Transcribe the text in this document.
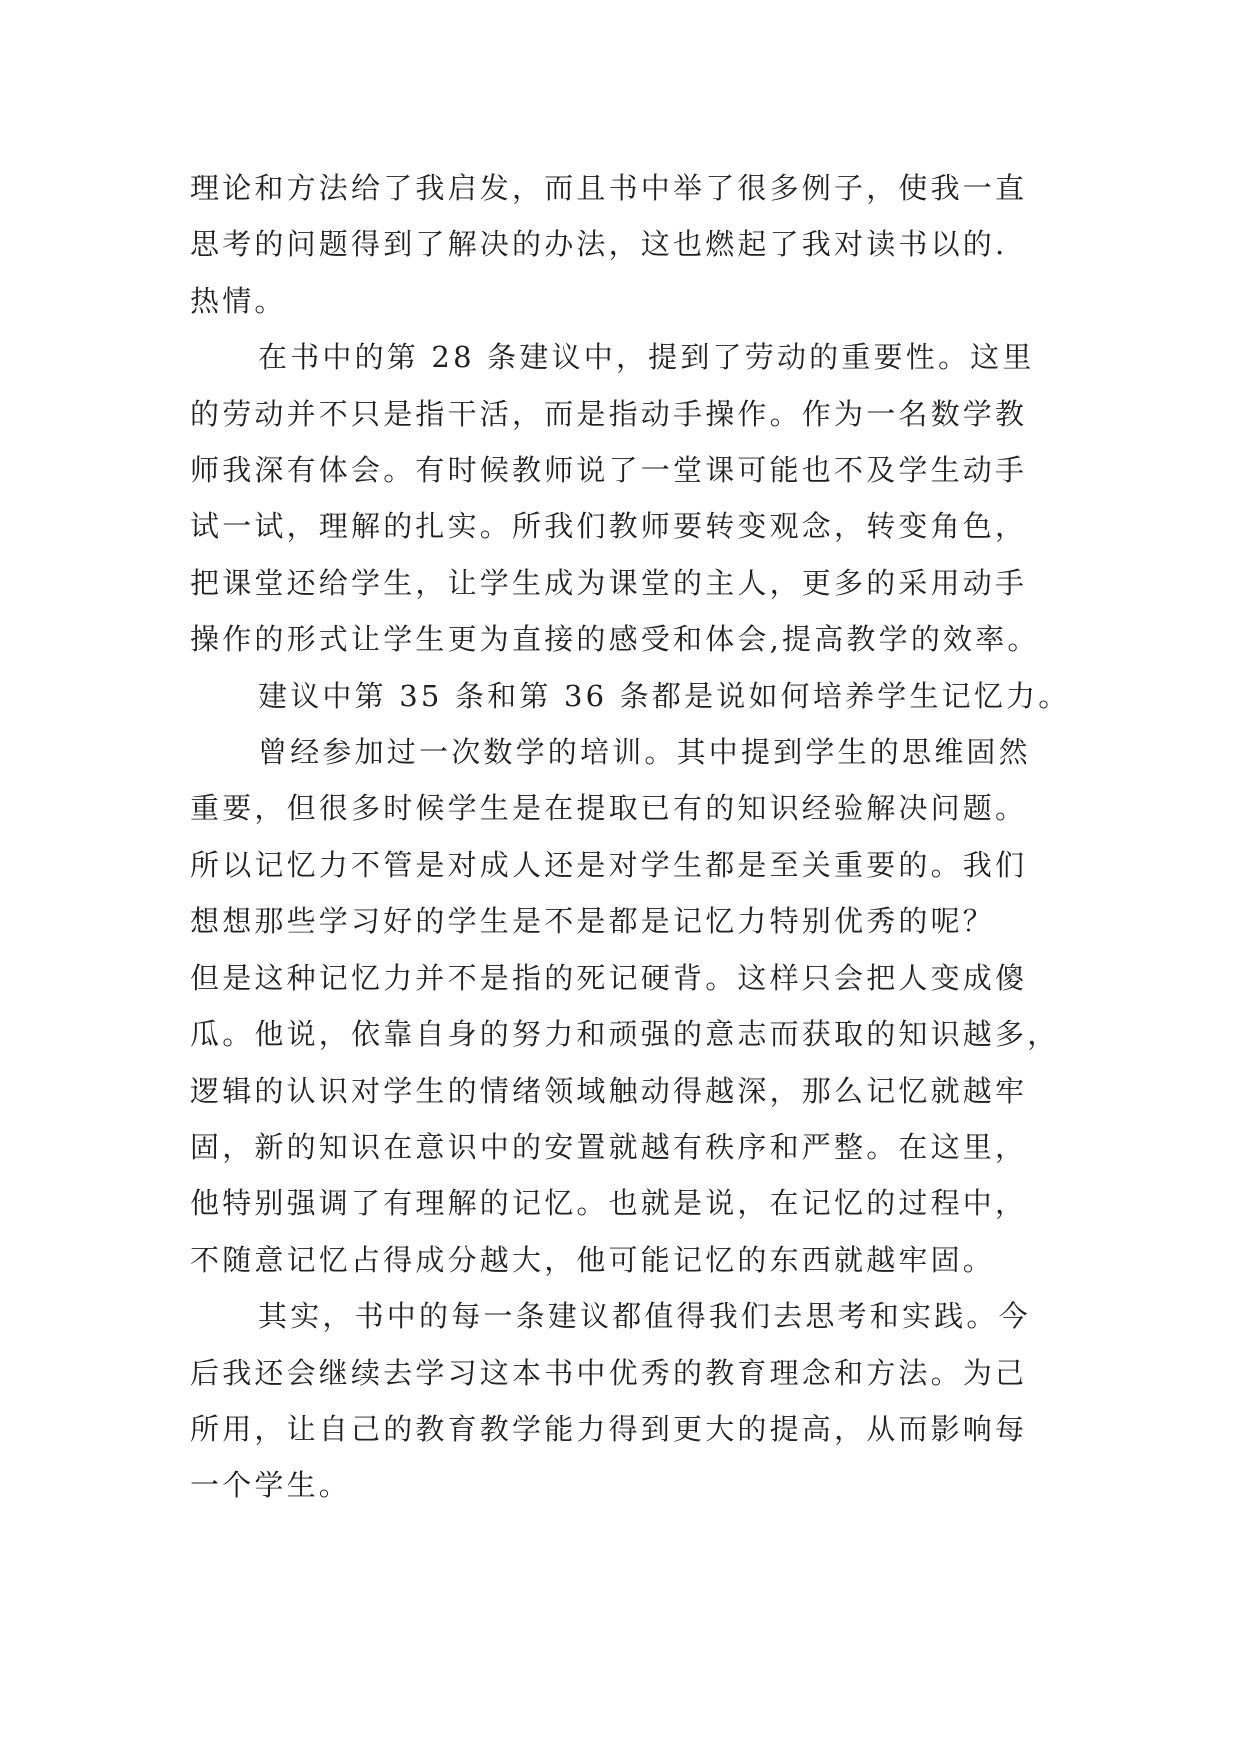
理论和方法给了我启发，而且书中举了很多例子，使我一直
思考的问题得到了解决的办法，这也燃起了我对读书以的.
热情。

在书中的第 28 条建议中，提到了劳动的重要性。这里
的劳动并不只是指干活，而是指动手操作。作为一名数学教
师我深有体会。有时候教师说了一堂课可能也不及学生动手
试一试，理解的扎实。所我们教师要转变观念，转变角色，
把课堂还给学生，让学生成为课堂的主人，更多的采用动手
操作的形式让学生更为直接的感受和体会,提高教学的效率。

建议中第 35 条和第 36 条都是说如何培养学生记忆力。

曾经参加过一次数学的培训。其中提到学生的思维固然
重要，但很多时候学生是在提取已有的知识经验解决问题。
所以记忆力不管是对成人还是对学生都是至关重要的。我们
想想那些学习好的学生是不是都是记忆力特别优秀的呢？
但是这种记忆力并不是指的死记硬背。这样只会把人变成傻
瓜。他说，依靠自身的努力和顽强的意志而获取的知识越多，
逻辑的认识对学生的情绪领域触动得越深，那么记忆就越牢
固，新的知识在意识中的安置就越有秩序和严整。在这里，
他特别强调了有理解的记忆。也就是说，在记忆的过程中，
不随意记忆占得成分越大，他可能记忆的东西就越牢固。

其实，书中的每一条建议都值得我们去思考和实践。今
后我还会继续去学习这本书中优秀的教育理念和方法。为己
所用，让自己的教育教学能力得到更大的提高，从而影响每
一个学生。
